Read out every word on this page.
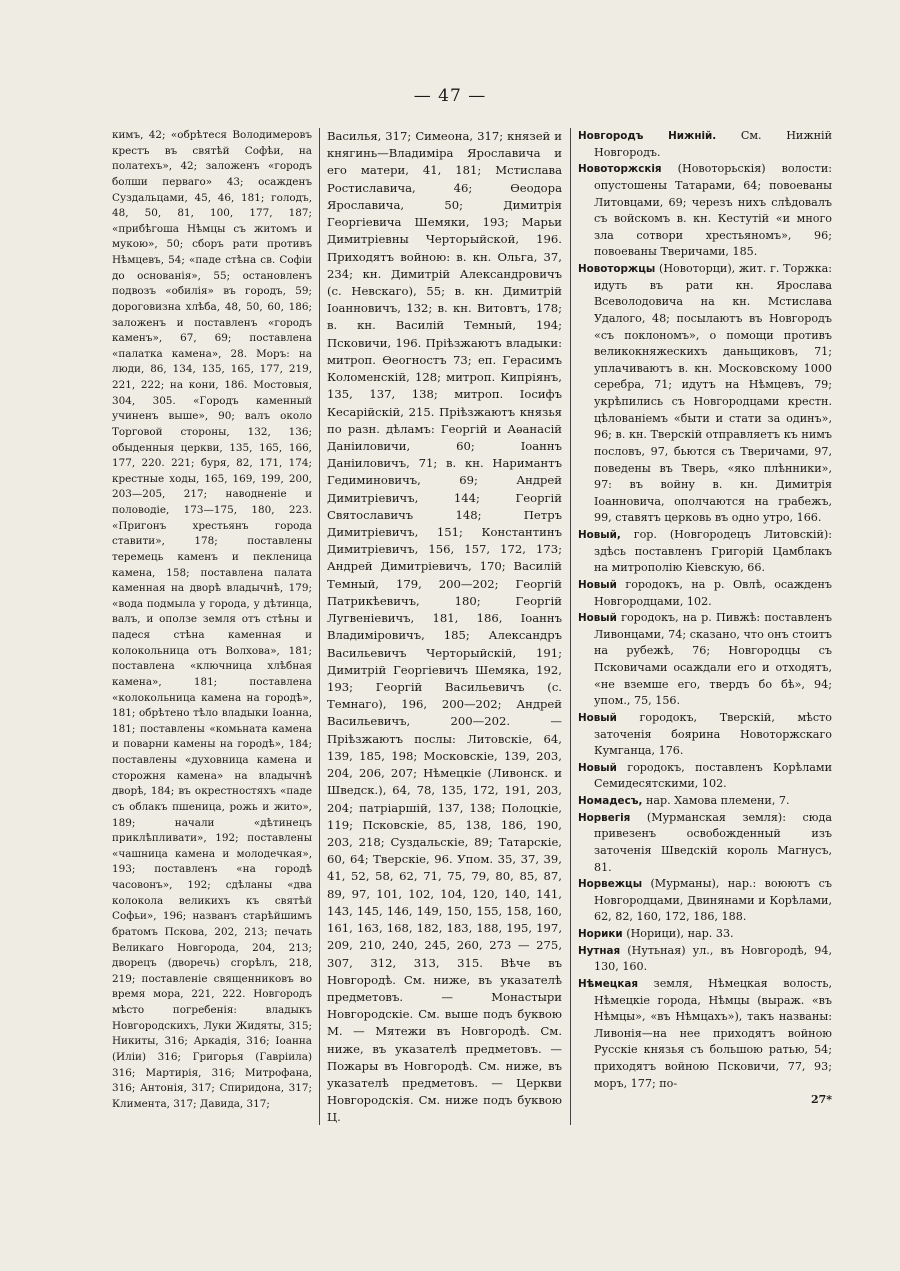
— 47 —

кимъ, 42; «обрѣтеся Володимеровъ крестъ въ святѣй Софѣи, на полатехъ», 42; заложенъ «городъ болши перваго» 43; осажденъ Суздальцами, 45, 46, 181; голодъ, 48, 50, 81, 100, 177, 187; «прибѣгоша Нѣмцы съ житомъ и мукою», 50; сборъ рати противъ Нѣмцевъ, 54; «паде стѣна св. Софіи до основанія», 55; остановленъ подвозъ «обилія» въ городъ, 59; дороговизна хлѣба, 48, 50, 60, 186; заложенъ и поставленъ «городъ каменъ», 67, 69; поставлена «палатка камена», 28. Моръ: на люди, 86, 134, 135, 165, 177, 219, 221, 222; на кони, 186. Мостовыя, 304, 305. «Городъ каменный учиненъ выше», 90; валъ около Торговой стороны, 132, 136; обыденныя церкви, 135, 165, 166, 177, 220. 221; буря, 82, 171, 174; крестные ходы, 165, 169, 199, 200, 203—205, 217; наводненіе и половодіе, 173—175, 180, 223. «Пригонъ хрестьянъ города ставити», 178; поставлены теремець каменъ и пекленица камена, 158; поставлена палата каменная на дворѣ владычнѣ, 179; «вода подмыла у города, у дѣтинца, валъ, и оползе земля отъ стѣны и падеся стѣна каменная и колокольница отъ Волхова», 181; поставлена «ключница хлѣбная камена», 181; поставлена «колокольница камена на городѣ», 181; обрѣтено тѣло владыки Іоанна, 181; поставлены «комьната камена и поварни камены на городѣ», 184; поставлены «духовница камена и сторожня камена» на владычнѣ дворѣ, 184; въ окрестностяхъ «паде съ облакъ пшеница, рожь и жито», 189; начали «дѣтинецъ приклѣпливати», 192; поставлены «чашница камена и молодечкая», 193; поставленъ «на городѣ часовонъ», 192; сдѣланы «два колокола великихъ къ святѣй Софьи», 196; названъ старѣйшимъ братомъ Пскова, 202, 213; печать Великаго Новгорода, 204, 213; дворецъ (дворечь) сгорѣлъ, 218, 219; поставленіе священниковъ во время мора, 221, 222. Новгородъ мѣсто погребенія: владыкъ Новгородскихъ, Луки Жидяты, 315; Никиты, 316; Аркадія, 316; Іоанна (Иліи) 316; Григорья (Гавріила) 316; Мартирія, 316; Митрофана, 316; Антонія, 317; Спиридона, 317; Климента, 317; Давида, 317;

Василья, 317; Симеона, 317; князей и княгинь—Владиміра Ярославича и его матери, 41, 181; Мстислава Ростиславича, 46; Ѳеодора Ярославича, 50; Димитрія Георгіевича Шемяки, 193; Марьи Димитріевны Черторыйской, 196. Приходятъ войною: в. кн. Ольга, 37, 234; кн. Димитрій Александровичъ (с. Невскаго), 55; в. кн. Димитрій Іоанновичъ, 132; в. кн. Витовтъ, 178; в. кн. Василій Темный, 194; Псковичи, 196. Пріѣзжаютъ владыки: митроп. Ѳеогностъ 73; еп. Герасимъ Коломенскій, 128; митроп. Кипріянъ, 135, 137, 138; митроп. Іосифъ Кесарійскій, 215. Пріѣзжаютъ князья по разн. дѣламъ: Георгій и Аѳанасій Даніиловичи, 60; Іоаннъ Даніиловичъ, 71; в. кн. Наримантъ Гедиминовичъ, 69; Андрей Димитріевичъ, 144; Георгій Святославичъ 148; Петръ Димитріевичъ, 151; Константинъ Димитріевичъ, 156, 157, 172, 173; Андрей Димитріевичъ, 170; Василій Темный, 179, 200—202; Георгій Патрикѣевичъ, 180; Георгій Лугвеніевичъ, 181, 186, Іоаннъ Владиміровичъ, 185; Александръ Васильевичъ Черторыйскій, 191; Димитрій Георгіевичъ Шемяка, 192, 193; Георгій Васильевичъ (с. Темнаго), 196, 200—202; Андрей Васильевичъ, 200—202. — Пріѣзжаютъ послы: Литовскіе, 64, 139, 185, 198; Московскіе, 139, 203, 204, 206, 207; Нѣмецкіе (Ливонск. и Шведск.), 64, 78, 135, 172, 191, 203, 204; патріаршій, 137, 138; Полоцкіе, 119; Псковскіе, 85, 138, 186, 190, 203, 218; Суздальскіе, 89; Татарскіе, 60, 64; Тверскіе, 96. Упом. 35, 37, 39, 41, 52, 58, 62, 71, 75, 79, 80, 85, 87, 89, 97, 101, 102, 104, 120, 140, 141, 143, 145, 146, 149, 150, 155, 158, 160, 161, 163, 168, 182, 183, 188, 195, 197, 209, 210, 240, 245, 260, 273 — 275, 307, 312, 313, 315. Вѣче въ Новгородѣ. См. ниже, въ указателѣ предметовъ. — Монастыри Новгородскіе. См. выше подъ буквою М. — Мятежи въ Новгородѣ. См. ниже, въ указателѣ предметовъ. — Пожары въ Новгородѣ. См. ниже, въ указателѣ предметовъ. — Церкви Новгородскія. См. ниже подъ буквою Ц.

Новгородъ Нижній. См. Нижній Новгородъ.

Новоторжскія (Новоторьскія) волости: опустошены Татарами, 64; повоеваны Литовцами, 69; черезъ нихъ слѣдовалъ съ войскомъ в. кн. Кестутій «и много зла сотвори хрестьяномъ», 96; повоеваны Тверичами, 185.

Новоторжцы (Новоторци), жит. г. Торжка: идуть въ рати кн. Ярослава Всеволодовича на кн. Мстислава Удалого, 48; посылаютъ въ Новгородъ «съ поклономъ», о помощи противъ великокняжескихъ даньщиковъ, 71; уплачиваютъ в. кн. Московскому 1000 серебра, 71; идутъ на Нѣмцевъ, 79; укрѣпились съ Новгородцами крестн. цѣлованіемъ «быти и стати за одинъ», 96; в. кн. Тверскій отправляетъ къ нимъ пословъ, 97, бьются съ Тверичами, 97, поведены въ Тверь, «яко плѣнники», 97: въ войну в. кн. Димитрія Іоанновича, ополчаются на грабежъ, 99, ставятъ церковь въ одно утро, 166.

Новый, гор. (Новгородецъ Литовскій): здѣсь поставленъ Григорій Цамблакъ на митрополію Кіевскую, 66.

Новый городокъ, на р. Овлѣ, осажденъ Новгородцами, 102.

Новый городокъ, на р. Пивжѣ: поставленъ Ливонцами, 74; сказано, что онъ стоитъ на рубежѣ, 76; Новгородцы съ Псковичами осаждали его и отходятъ, «не вземше его, твердъ бо бѣ», 94; упом., 75, 156.

Новый городокъ, Тверскій, мѣсто заточенія боярина Новоторжскаго Кумганца, 176.

Новый городокъ, поставленъ Корѣлами Семидесятскими, 102.

Номадесъ, нар. Хамова племени, 7.

Норвегія (Мурманская земля): сюда привезенъ освобожденный изъ заточенія Шведскій король Магнусъ, 81.

Норвежцы (Мурманы), нар.: воюютъ съ Новгородцами, Двинянами и Корѣлами, 62, 82, 160, 172, 186, 188.

Норики (Норици), нар. 33.

Нутная (Нутьная) ул., въ Новгородѣ, 94, 130, 160.

Нѣмецкая земля, Нѣмецкая волость, Нѣмецкіе города, Нѣмцы (выраж. «въ Нѣмцы», «въ Нѣмцахъ»), такъ названы: Ливонія—на нее приходятъ войною Русскіе князья съ большою ратью, 54; приходятъ войною Псковичи, 77, 93; моръ, 177; по-

27*
